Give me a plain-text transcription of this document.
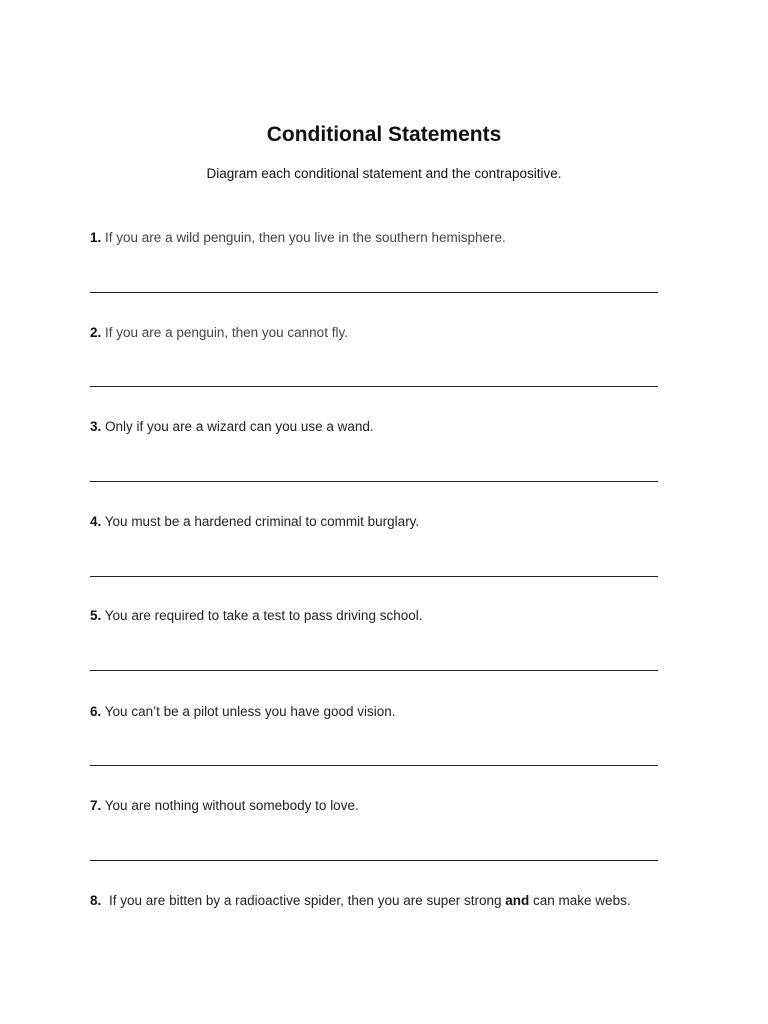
Conditional Statements
Diagram each conditional statement and the contrapositive.
1. If you are a wild penguin, then you live in the southern hemisphere.
2. If you are a penguin, then you cannot fly.
3. Only if you are a wizard can you use a wand.
4. You must be a hardened criminal to commit burglary.
5. You are required to take a test to pass driving school.
6. You can’t be a pilot unless you have good vision.
7. You are nothing without somebody to love.
8. If you are bitten by a radioactive spider, then you are super strong and can make webs.
